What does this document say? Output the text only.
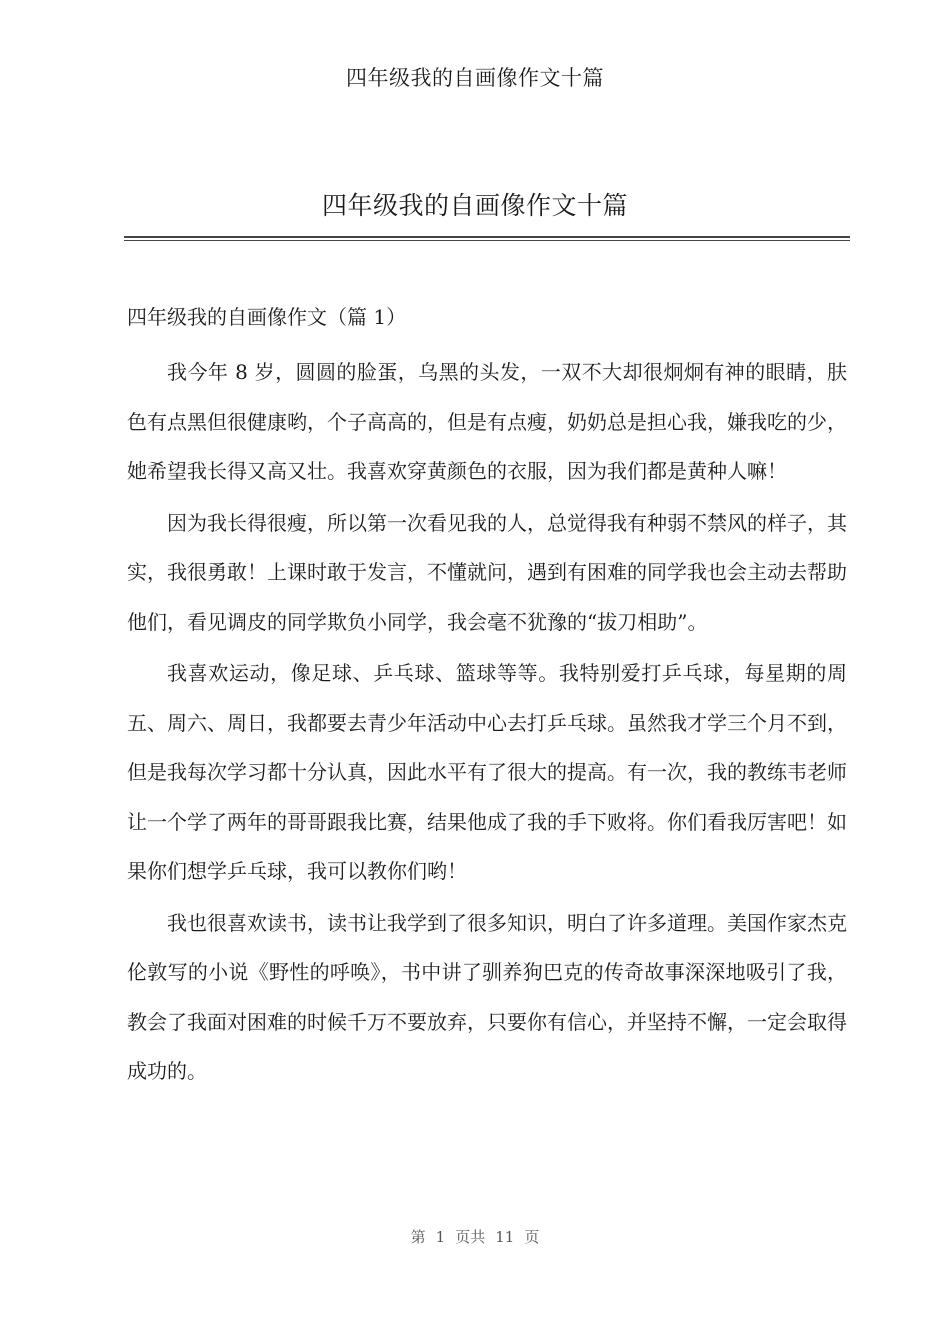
四年级我的自画像作文十篇
四年级我的自画像作文十篇
四年级我的自画像作文（篇 1）

我今年 8 岁，圆圆的脸蛋，乌黑的头发，一双不大却很炯炯有神的眼睛，肤色有点黑但很健康哟，个子高高的，但是有点瘦，奶奶总是担心我，嫌我吃的少，她希望我长得又高又壮。我喜欢穿黄颜色的衣服，因为我们都是黄种人嘛！

因为我长得很瘦，所以第一次看见我的人，总觉得我有种弱不禁风的样子，其实，我很勇敢！上课时敢于发言，不懂就问，遇到有困难的同学我也会主动去帮助他们，看见调皮的同学欺负小同学，我会毫不犹豫的“拔刀相助”。

我喜欢运动，像足球、乒乓球、篮球等等。我特别爱打乒乓球，每星期的周五、周六、周日，我都要去青少年活动中心去打乒乓球。虽然我才学三个月不到，但是我每次学习都十分认真，因此水平有了很大的提高。有一次，我的教练韦老师让一个学了两年的哥哥跟我比赛，结果他成了我的手下败将。你们看我厉害吧！如果你们想学乒乓球，我可以教你们哟！

我也很喜欢读书，读书让我学到了很多知识，明白了许多道理。美国作家杰克伦敦写的小说《野性的呼唤》，书中讲了驯养狗巴克的传奇故事深深地吸引了我，教会了我面对困难的时候千万不要放弃，只要你有信心，并坚持不懈，一定会取得成功的。

第 1 页共 11 页
